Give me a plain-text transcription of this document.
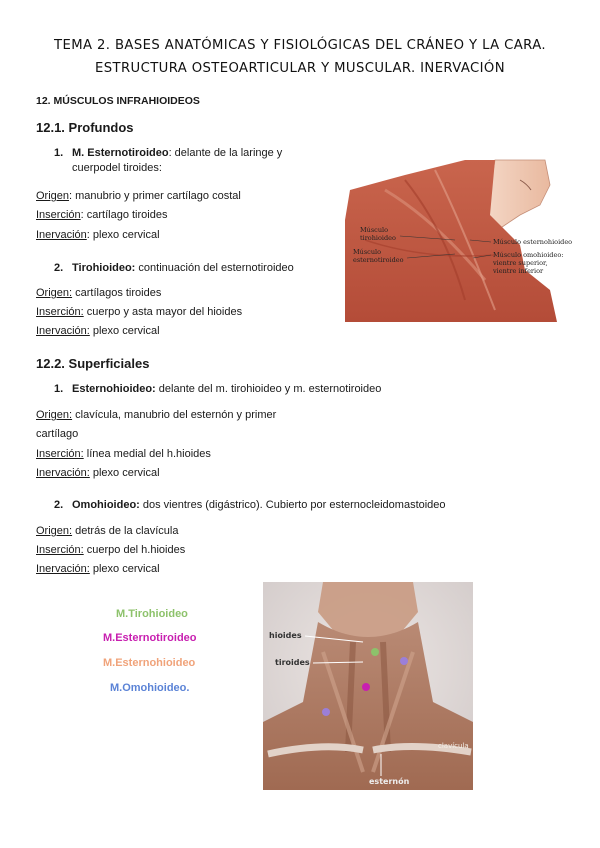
TEMA 2. BASES ANATÓMICAS Y FISIOLÓGICAS DEL CRÁNEO Y LA CARA.
ESTRUCTURA OSTEOARTICULAR Y MUSCULAR. INERVACIÓN
12. MÚSCULOS INFRAHIOIDEOS
12.1. Profundos
1. M. Esternotiroideo: delante de la laringe y
cuerpodel tiroides:
Origen: manubrio y primer cartílago costal
Inserción: cartílago tiroides
Inervación: plexo cervical
2. Tirohioideo: continuación del esternotiroideo
Origen: cartílagos tiroides
Inserción: cuerpo y asta mayor del hioides
Inervación: plexo cervical
12.2. Superficiales
1. Esternohioideo: delante del m. tirohioideo y m. esternotiroideo
Origen: clavícula, manubrio del esternón y primer
cartílago
Inserción: línea medial del h.hioides
Inervación: plexo cervical
2. Omohioideo: dos vientres (digástrico). Cubierto por esternocleidomastoideo
Origen: detrás de la clavícula
Inserción: cuerpo del h.hioides
Inervación: plexo cervical
M.Tirohioideo
M.Esternotiroideo
M.Esternohioideo
M.Omohioideo.
Músculo tirohioideo
Músculo esternotiroideo
Músculo esternohioideo
Músculo omohioideo: vientre superior, vientre inferior
hioides
tiroides
esternón
clavícula
